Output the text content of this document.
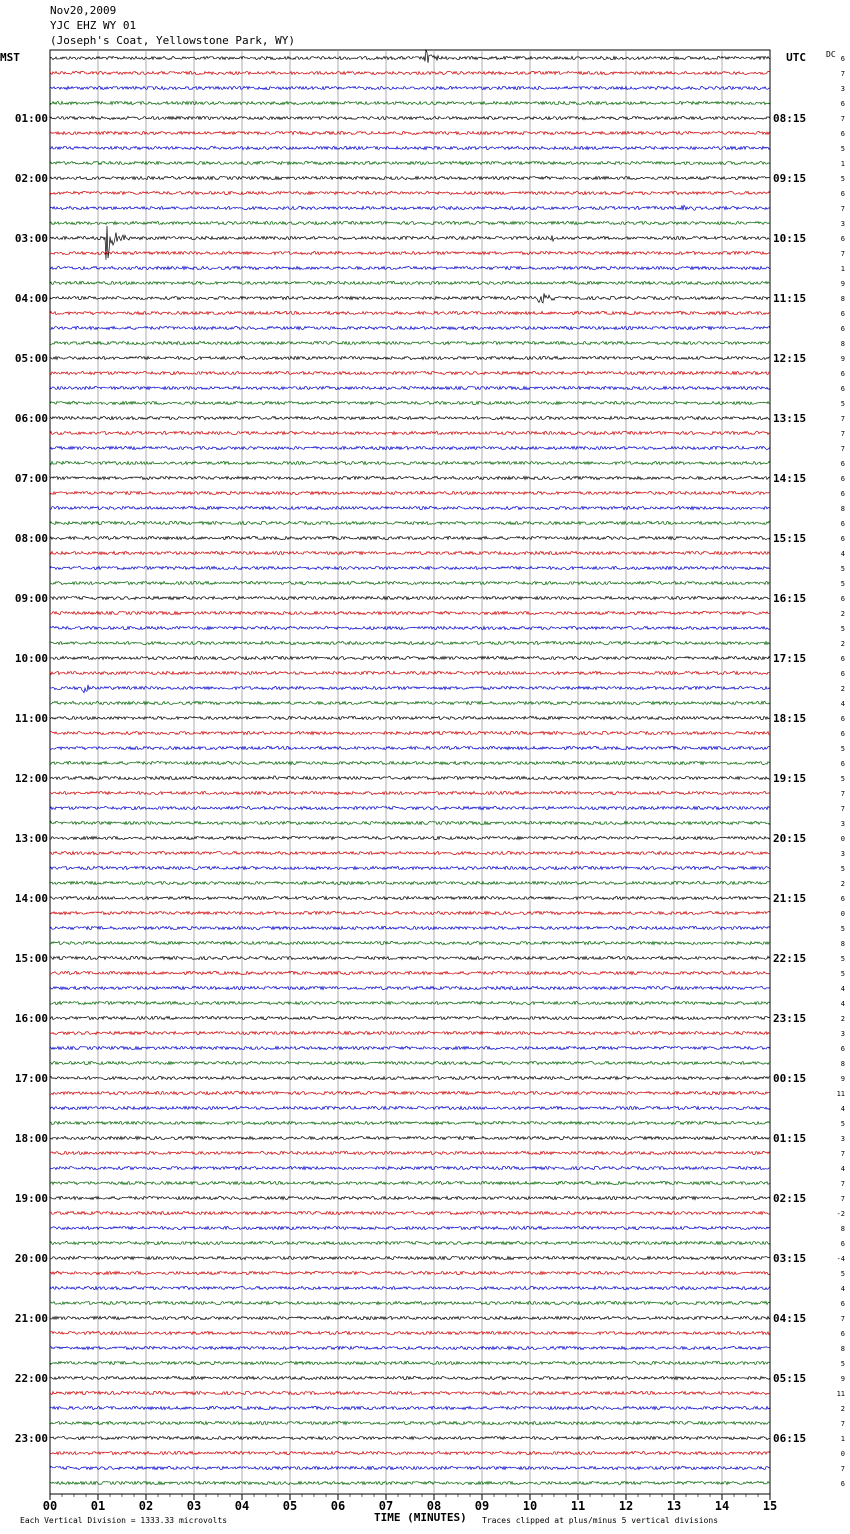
Nov20,2009
YJC EHZ WY 01
(Joseph's Coat, Yellowstone Park, WY)
00	01	02	03	04	05	06	07	08	09	10	11	12	13	14	15
MST	UTC	DC
01:00
02:00
03:00
04:00
05:00
06:00
07:00
08:00
09:00
10:00
11:00
12:00
13:00
14:00
15:00
16:00
17:00
18:00
19:00
20:00
21:00
22:00
23:00
08:15
09:15
10:15
11:15
12:15
13:15
14:15
15:15
16:15
17:15
18:15
19:15
20:15
21:15
22:15
23:15
00:15
01:15
02:15
03:15
04:15
05:15
06:15
6
7
3
6
7
6
5
1
5
6
7
3
6
7
1
9
8
6
6
8
9
6
6
5
7
7
7
6
6
6
8
6
6
4
5
5
6
2
5
2
6
6
2
4
6
6
5
6
5
7
7
3
0
3
5
2
6
0
5
8
5
5
4
4
2
3
6
8
9
11
4
5
3
7
4
7
7
-2
8
6
-4
5
4
6
7
6
8
5
9
11
2
7
1
0
7
6
TIME (MINUTES)
Each Vertical Division = 1333.33 microvolts	Traces clipped at plus/minus 5 vertical divisions
